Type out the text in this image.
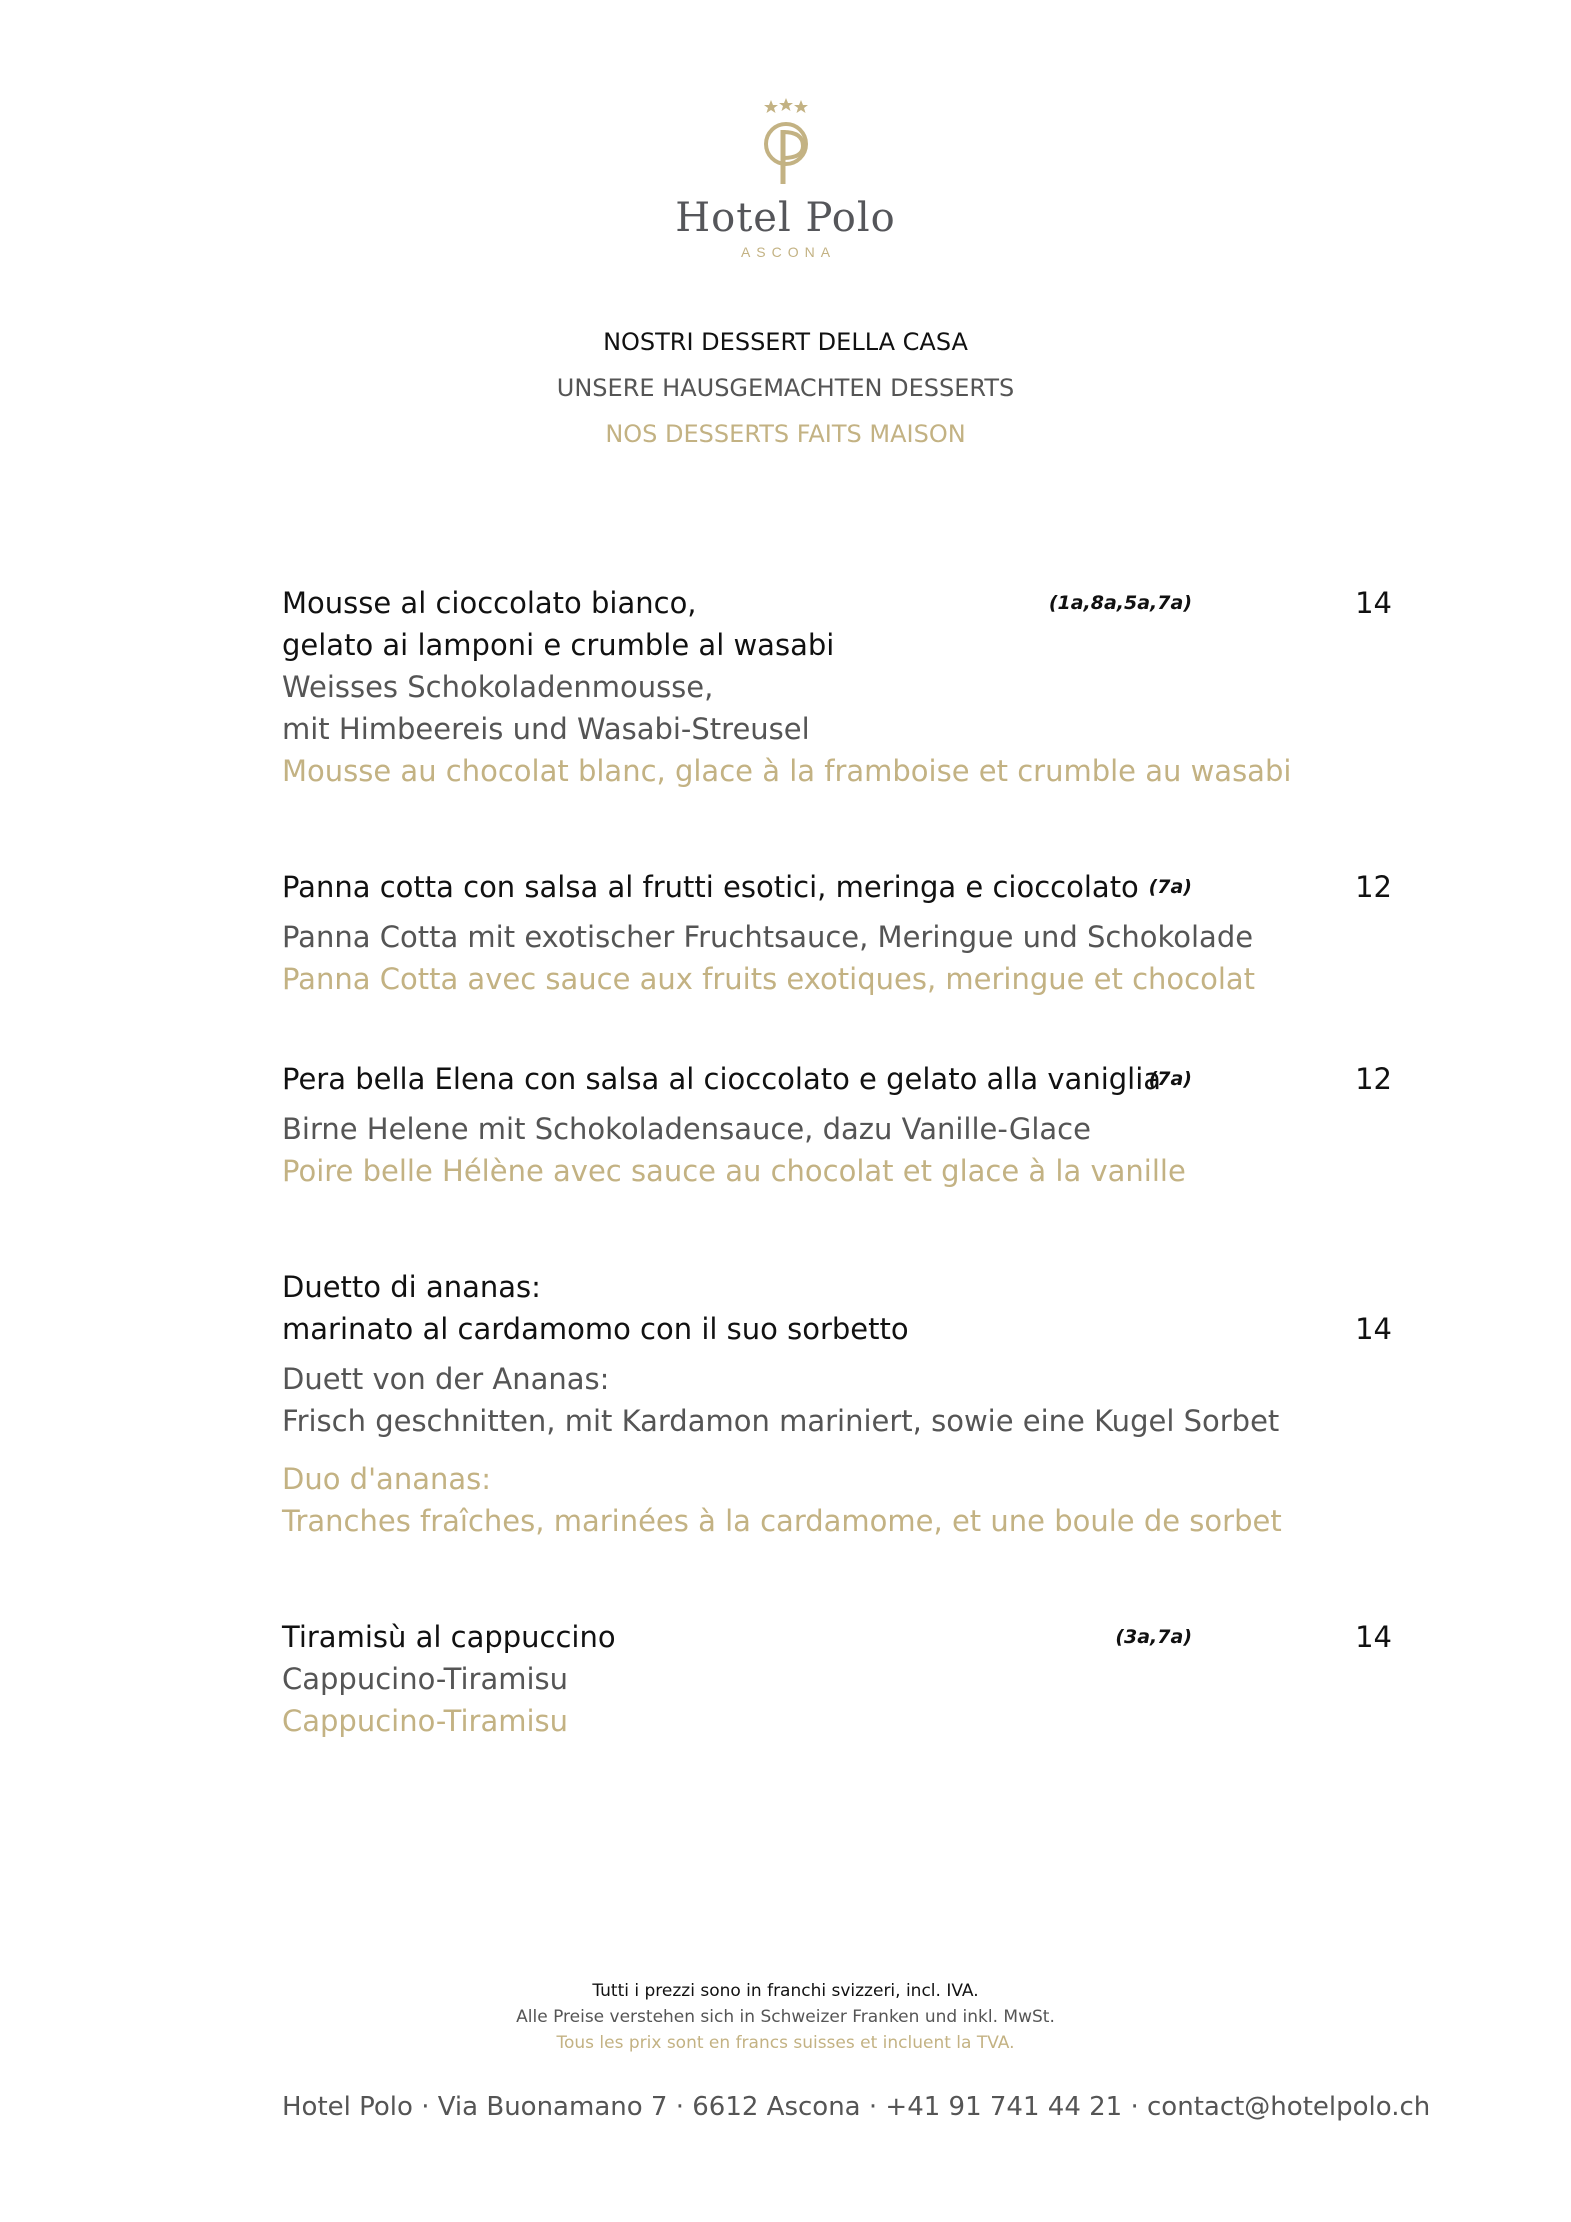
Hotel Polo
ASCONA
NOSTRI DESSERT DELLA CASA
UNSERE HAUSGEMACHTEN DESSERTS
NOS DESSERTS FAITS MAISON
Mousse al cioccolato bianco,
gelato ai lamponi e crumble al wasabi
Weisses Schokoladenmousse,
mit Himbeereis und Wasabi-Streusel
Mousse au chocolat blanc, glace à la framboise et crumble au wasabi
(1a,8a,5a,7a)	14
Panna cotta con salsa al frutti esotici, meringa e cioccolato
Panna Cotta mit exotischer Fruchtsauce, Meringue und Schokolade
Panna Cotta avec sauce aux fruits exotiques, meringue et chocolat
(7a)	12
Pera bella Elena con salsa al cioccolato e gelato alla vaniglia
Birne Helene mit Schokoladensauce, dazu Vanille-Glace
Poire belle Hélène avec sauce au chocolat et glace à la vanille
(7a)	12
Duetto di ananas:
marinato al cardamomo con il suo sorbetto
Duett von der Ananas:
Frisch geschnitten, mit Kardamon mariniert, sowie eine Kugel Sorbet
Duo d'ananas:
Tranches fraîches, marinées à la cardamome, et une boule de sorbet
14
Tiramisù al cappuccino
Cappucino-Tiramisu
Cappucino-Tiramisu
(3a,7a)	14
Tutti i prezzi sono in franchi svizzeri, incl. IVA.
Alle Preise verstehen sich in Schweizer Franken und inkl. MwSt.
Tous les prix sont en francs suisses et incluent la TVA.
Hotel Polo · Via Buonamano 7 · 6612 Ascona · +41 91 741 44 21 · contact@hotelpolo.ch
